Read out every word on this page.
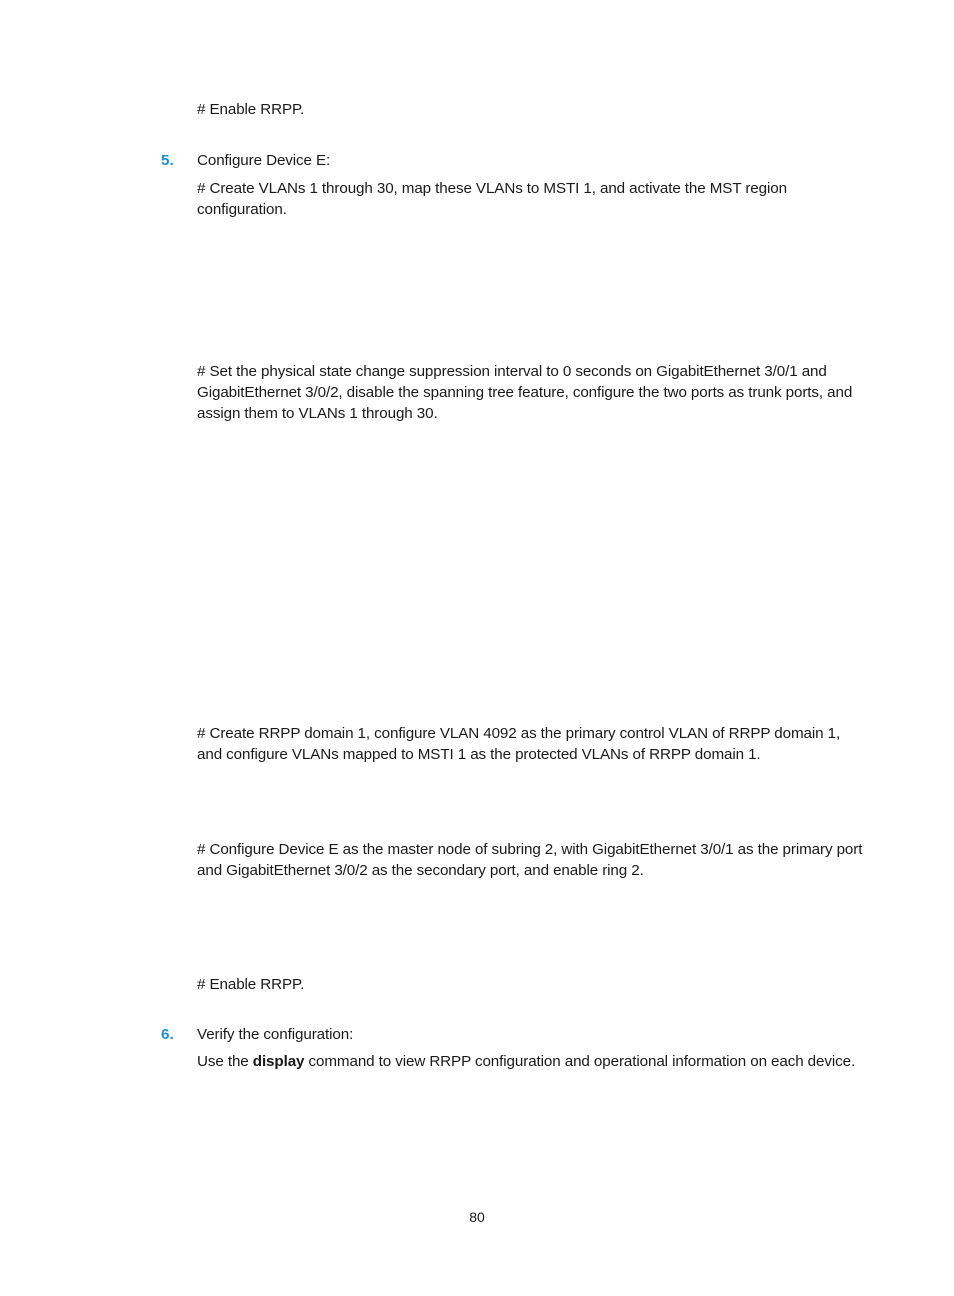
# Enable RRPP.

5. Configure Device E:

# Create VLANs 1 through 30, map these VLANs to MSTI 1, and activate the MST region configuration.

# Set the physical state change suppression interval to 0 seconds on GigabitEthernet 3/0/1 and GigabitEthernet 3/0/2, disable the spanning tree feature, configure the two ports as trunk ports, and assign them to VLANs 1 through 30.

# Create RRPP domain 1, configure VLAN 4092 as the primary control VLAN of RRPP domain 1, and configure VLANs mapped to MSTI 1 as the protected VLANs of RRPP domain 1.

# Configure Device E as the master node of subring 2, with GigabitEthernet 3/0/1 as the primary port and GigabitEthernet 3/0/2 as the secondary port, and enable ring 2.

# Enable RRPP.

6. Verify the configuration:

Use the display command to view RRPP configuration and operational information on each device.

80
